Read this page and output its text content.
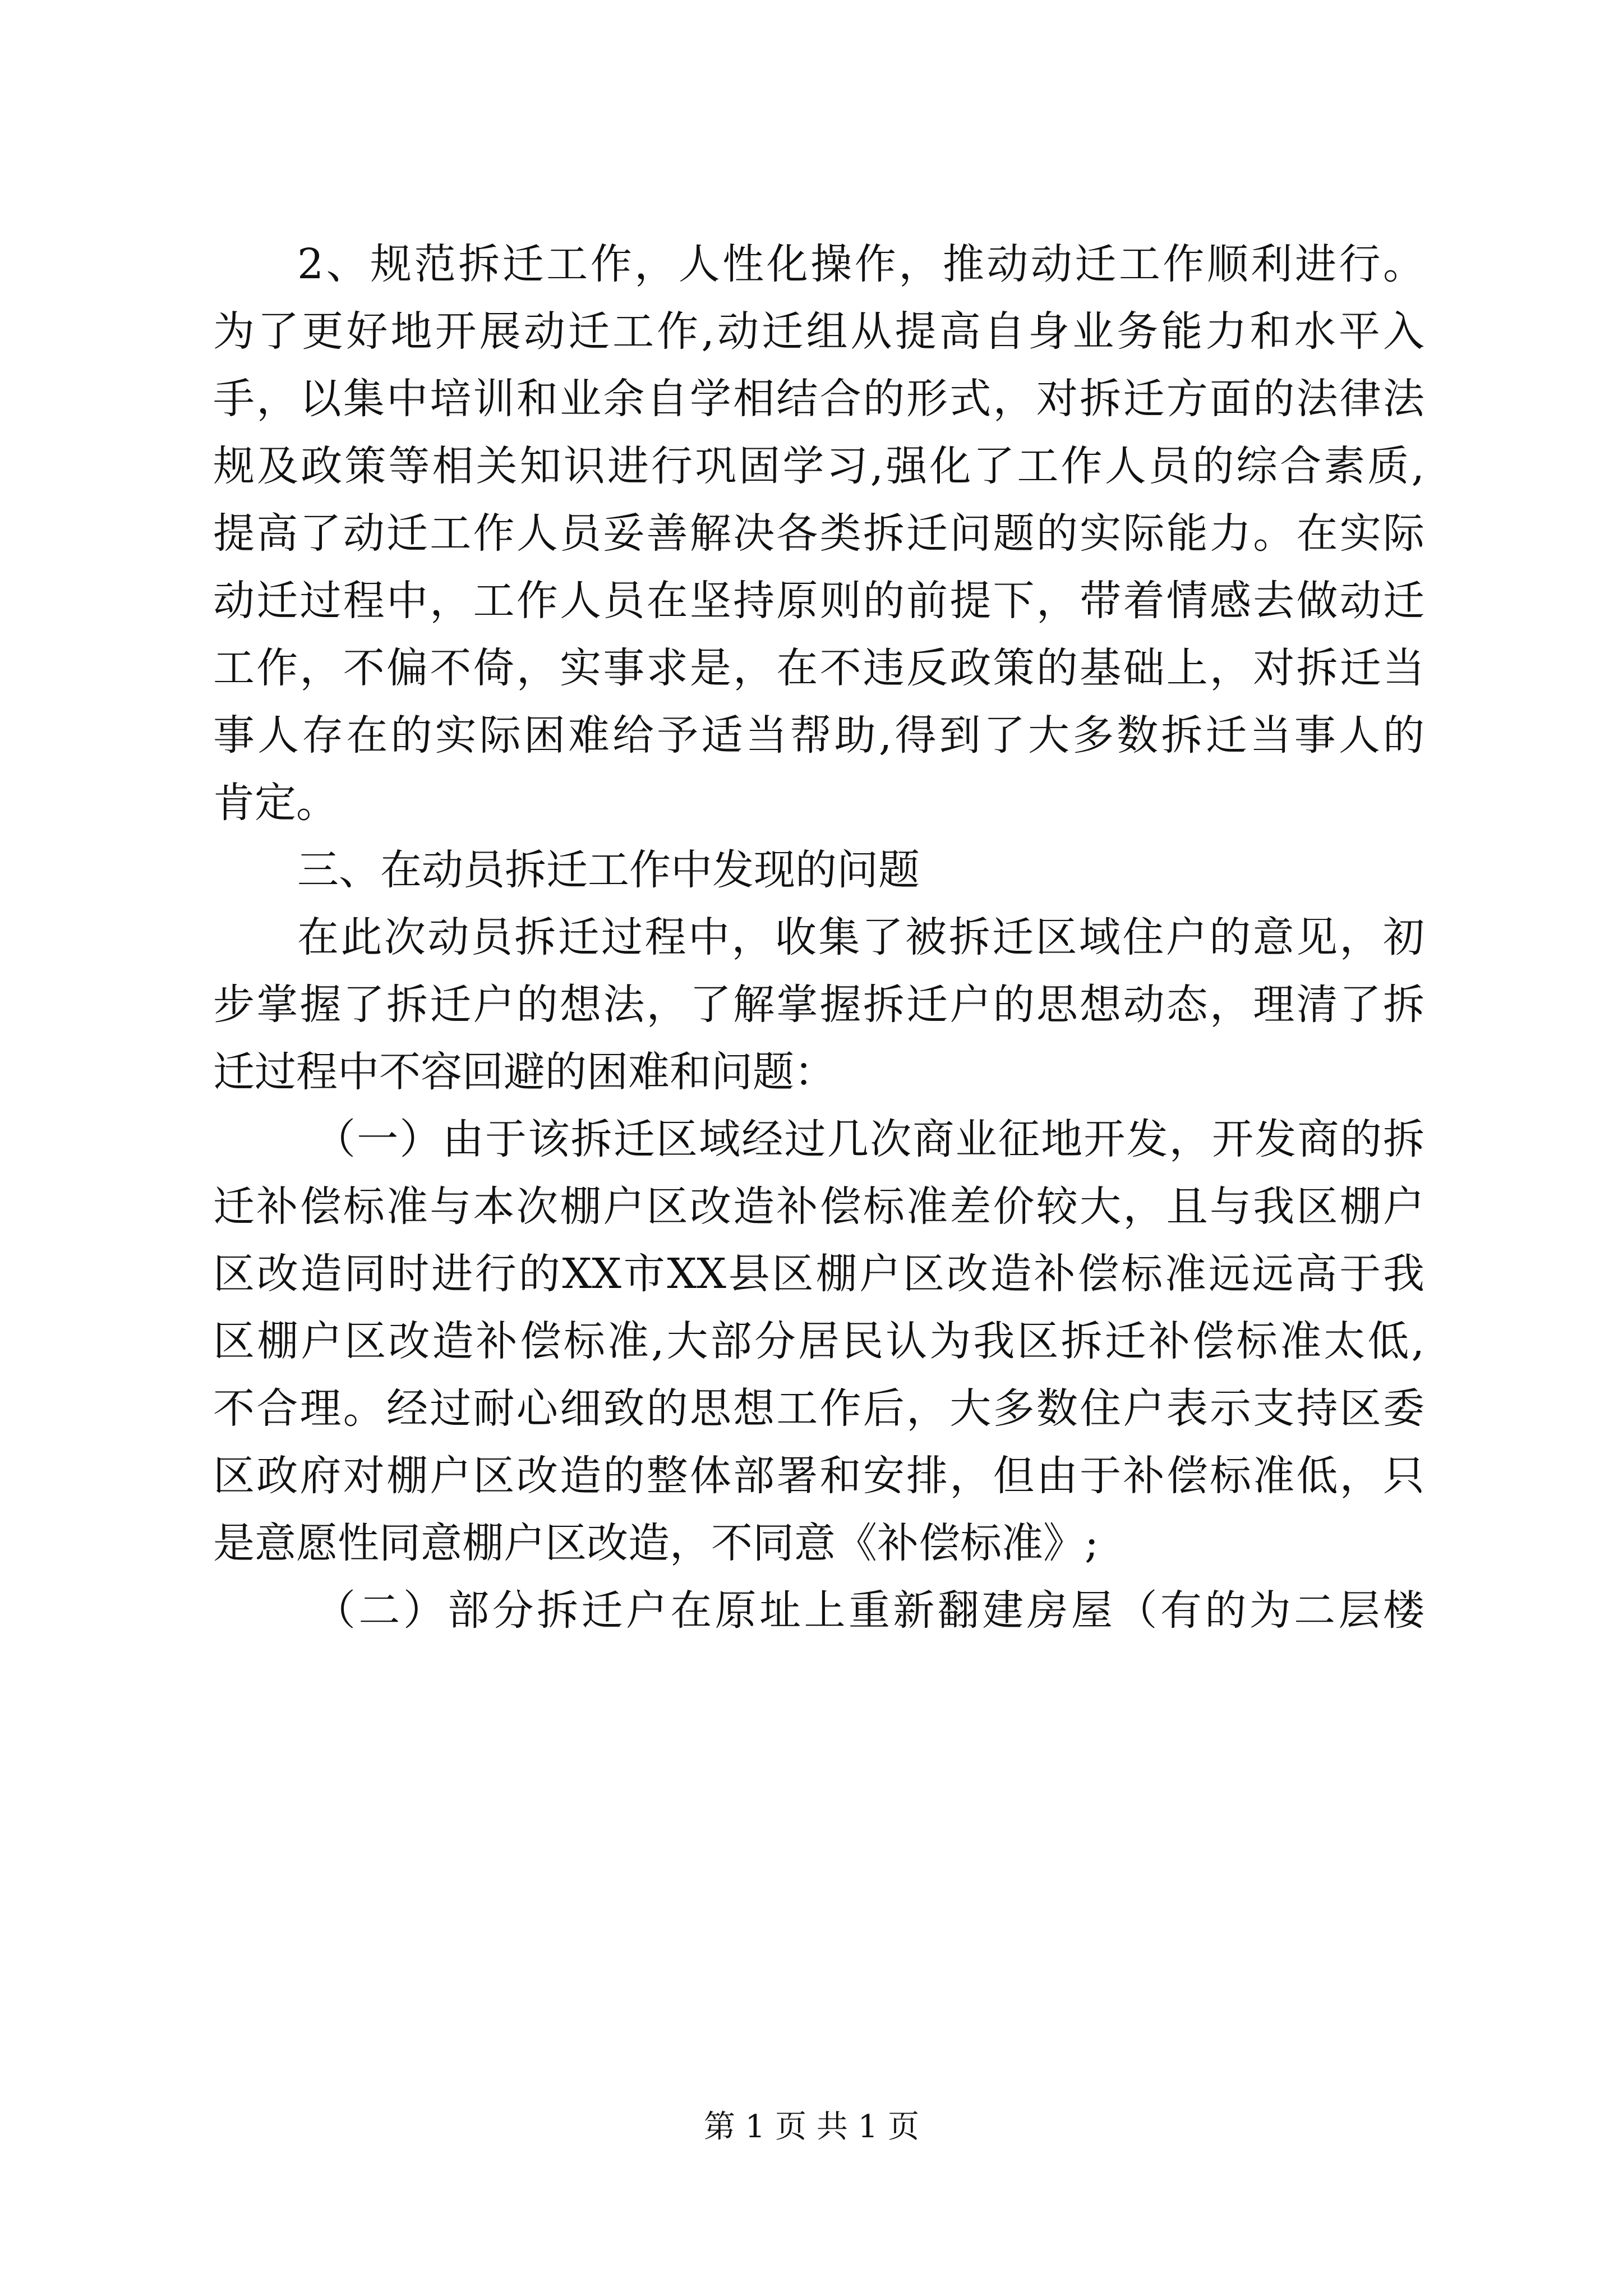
2、规范拆迁工作，人性化操作，推动动迁工作顺利进行。
为了更好地开展动迁工作,动迁组从提高自身业务能力和水平入
手，以集中培训和业余自学相结合的形式，对拆迁方面的法律法
规及政策等相关知识进行巩固学习,强化了工作人员的综合素质,
提高了动迁工作人员妥善解决各类拆迁问题的实际能力。在实际
动迁过程中，工作人员在坚持原则的前提下，带着情感去做动迁
工作，不偏不倚，实事求是，在不违反政策的基础上，对拆迁当
事人存在的实际困难给予适当帮助,得到了大多数拆迁当事人的
肯定。
三、在动员拆迁工作中发现的问题
在此次动员拆迁过程中，收集了被拆迁区域住户的意见，初
步掌握了拆迁户的想法，了解掌握拆迁户的思想动态，理清了拆
迁过程中不容回避的困难和问题：
（一）由于该拆迁区域经过几次商业征地开发，开发商的拆
迁补偿标准与本次棚户区改造补偿标准差价较大，且与我区棚户
区改造同时进行的XX市XX县区棚户区改造补偿标准远远高于我
区棚户区改造补偿标准,大部分居民认为我区拆迁补偿标准太低,
不合理。经过耐心细致的思想工作后，大多数住户表示支持区委
区政府对棚户区改造的整体部署和安排，但由于补偿标准低，只
是意愿性同意棚户区改造，不同意《补偿标准》;
（二）部分拆迁户在原址上重新翻建房屋（有的为二层楼
第 1 页 共 1 页
